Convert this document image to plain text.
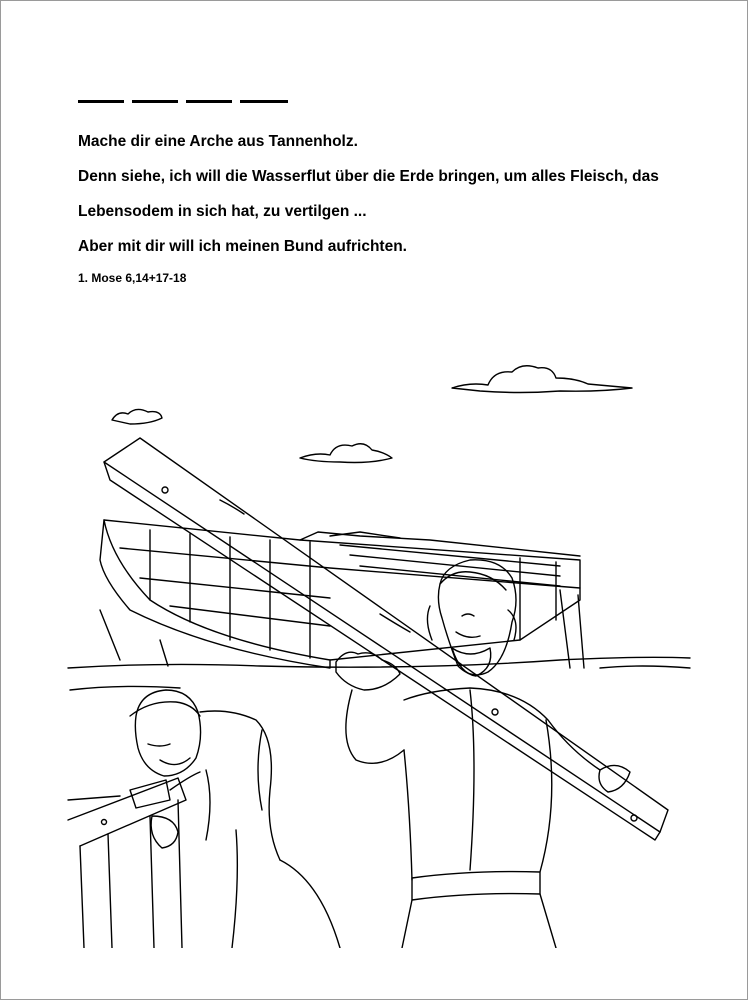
Mache dir eine Arche aus Tannenholz.
Denn siehe, ich will die Wasserflut über die Erde bringen, um alles Fleisch, das
Lebensodem in sich hat, zu vertilgen ...
Aber mit dir will ich meinen Bund aufrichten.
1. Mose 6,14+17-18
